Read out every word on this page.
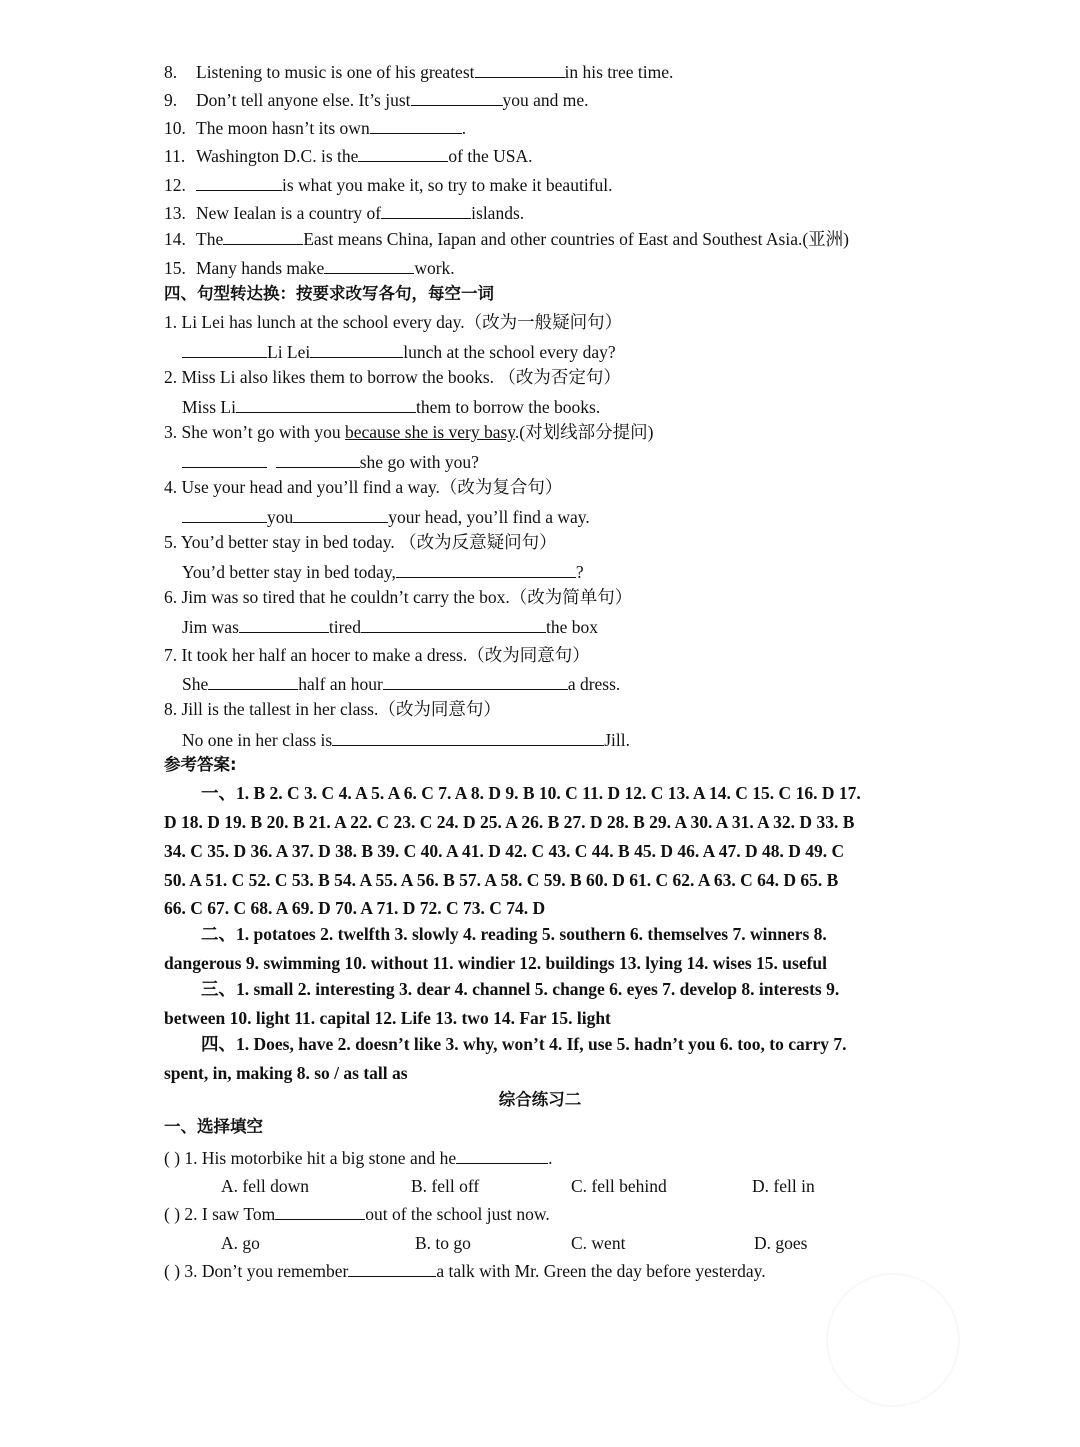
8. Listening to music is one of his greatest	in his tree time.
9. Don’t tell anyone else. It’s just	you and me.
10. The moon hasn’t its own	.
11. Washington D.C. is the	of the USA.
12.	is what you make it, so try to make it beautiful.
13. New Iealan is a country of	islands.
14. The	East means China, Iapan and other countries of East and Southest Asia.(亚洲)
15. Many hands make	work.
四、句型转达换：按要求改写各句，每空一词
1. Li Lei has lunch at the school every day.（改为一般疑问句）
Li Lei	lunch at the school every day?
2. Miss Li also likes them to borrow the books. （改为否定句）
Miss Li	them to borrow the books.
3. She won’t go with you because she is very basy.(对划线部分提问)
she go with you?
4. Use your head and you’ll find a way.（改为复合句）
you	your head, you’ll find a way.
5. You’d better stay in bed today. （改为反意疑问句）
You’d better stay in bed today,	?
6. Jim was so tired that he couldn’t carry the box.（改为简单句）
Jim was	tired	the box
7. It took her half an hocer to make a dress.（改为同意句）
She	half an hour	a dress.
8. Jill is the tallest in her class.（改为同意句）
No one in her class is	Jill.
参考答案:
一、1. B 2. C 3. C 4. A 5. A 6. C 7. A 8. D 9. B 10. C 11. D 12. C 13. A 14. C 15. C 16. D 17.
D 18. D 19. B 20. B 21. A 22. C 23. C 24. D 25. A 26. B 27. D 28. B 29. A 30. A 31. A 32. D 33. B
34. C 35. D 36. A 37. D 38. B 39. C 40. A 41. D 42. C 43. C 44. B 45. D 46. A 47. D 48. D 49. C
50. A 51. C 52. C 53. B 54. A 55. A 56. B 57. A 58. C 59. B 60. D 61. C 62. A 63. C 64. D 65. B
66. C 67. C 68. A 69. D 70. A 71. D 72. C 73. C 74. D
二、1. potatoes 2. twelfth 3. slowly 4. reading 5. southern 6. themselves 7. winners 8.
dangerous 9. swimming 10. without 11. windier 12. buildings 13. lying 14. wises 15. useful
三、1. small 2. interesting 3. dear 4. channel 5. change 6. eyes 7. develop 8. interests 9.
between 10. light 11. capital 12. Life 13. two 14. Far 15. light
四、1. Does, have 2. doesn’t like 3. why, won’t 4. If, use 5. hadn’t you 6. too, to carry 7.
spent, in, making 8. so / as tall as
综合练习二
一、选择填空
( ) 1. His motorbike hit a big stone and he	.
A. fell down	B. fell off	C. fell behind	D. fell in
( ) 2. I saw Tom	out of the school just now.
A. go	B. to go	C. went	D. goes
( ) 3. Don’t you remember	a talk with Mr. Green the day before yesterday.
